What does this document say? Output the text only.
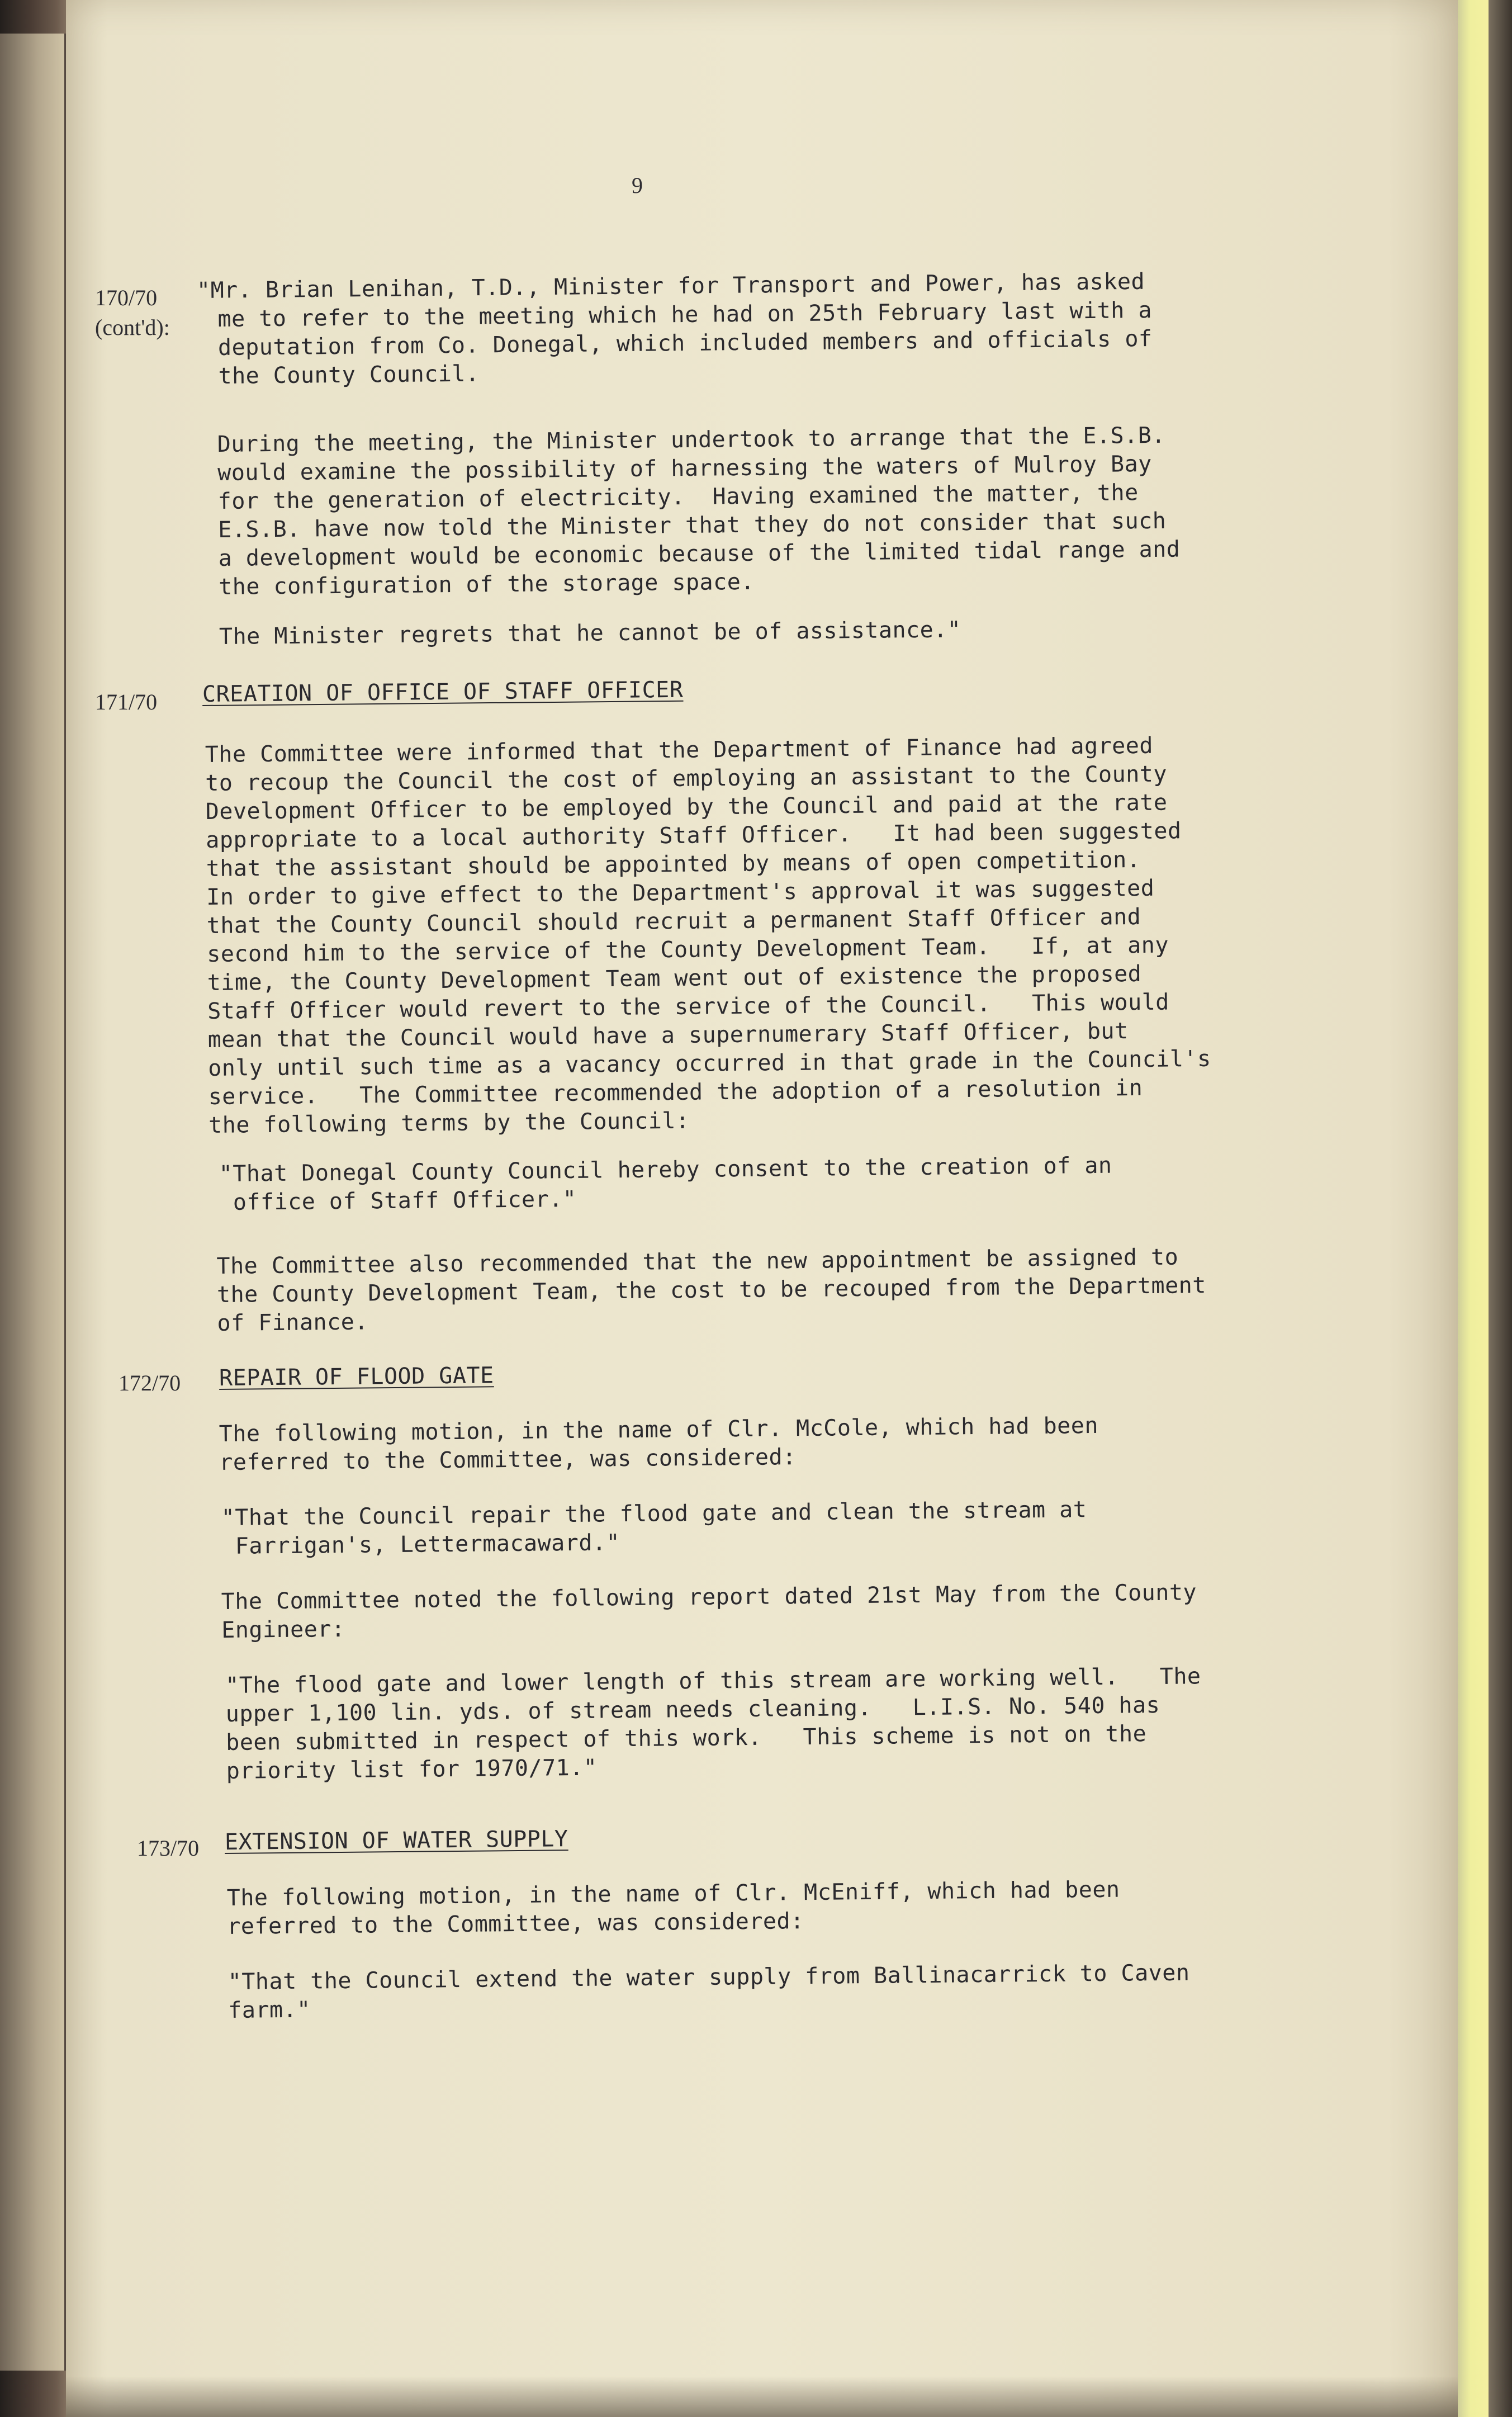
9
170/70
(cont'd):
"Mr. Brian Lenihan, T.D., Minister for Transport and Power, has asked
me to refer to the meeting which he had on 25th February last with a
deputation from Co. Donegal, which included members and officials of
the County Council.
During the meeting, the Minister undertook to arrange that the E.S.B.
would examine the possibility of harnessing the waters of Mulroy Bay
for the generation of electricity.  Having examined the matter, the
E.S.B. have now told the Minister that they do not consider that such
a development would be economic because of the limited tidal range and
the configuration of the storage space.
The Minister regrets that he cannot be of assistance."
171/70 CREATION OF OFFICE OF STAFF OFFICER
The Committee were informed that the Department of Finance had agreed
to recoup the Council the cost of employing an assistant to the County
Development Officer to be employed by the Council and paid at the rate
appropriate to a local authority Staff Officer.   It had been suggested
that the assistant should be appointed by means of open competition.
In order to give effect to the Department's approval it was suggested
that the County Council should recruit a permanent Staff Officer and
second him to the service of the County Development Team.   If, at any
time, the County Development Team went out of existence the proposed
Staff Officer would revert to the service of the Council.   This would
mean that the Council would have a supernumerary Staff Officer, but
only until such time as a vacancy occurred in that grade in the Council's
service.   The Committee recommended the adoption of a resolution in
the following terms by the Council:
"That Donegal County Council hereby consent to the creation of an
office of Staff Officer."
The Committee also recommended that the new appointment be assigned to
the County Development Team, the cost to be recouped from the Department
of Finance.
172/70 REPAIR OF FLOOD GATE
The following motion, in the name of Clr. McCole, which had been
referred to the Committee, was considered:
"That the Council repair the flood gate and clean the stream at
Farrigan's, Lettermacaward."
The Committee noted the following report dated 21st May from the County
Engineer:
"The flood gate and lower length of this stream are working well.   The
upper 1,100 lin. yds. of stream needs cleaning.   L.I.S. No. 540 has
been submitted in respect of this work.   This scheme is not on the
priority list for 1970/71."
173/70 EXTENSION OF WATER SUPPLY
The following motion, in the name of Clr. McEniff, which had been
referred to the Committee, was considered:
"That the Council extend the water supply from Ballinacarrick to Caven
farm."
